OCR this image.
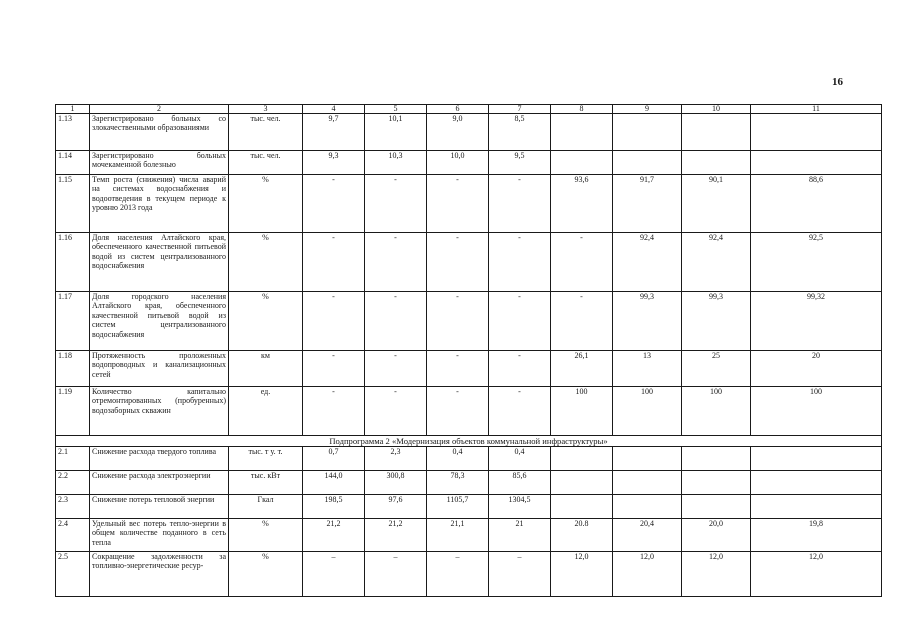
16
1	2	3	4	5	6	7	8	9	10	11
1.13	Зарегистрировано больных со злокачественными образованиями	тыс. чел.	9,7	10,1	9,0	8,5				
1.14	Зарегистрировано больных мочекаменной болезнью	тыс. чел.	9,3	10,3	10,0	9,5				
1.15	Темп роста (снижения) числа аварий на системах водоснабжения и водоотведения в текущем периоде к уровню 2013 года	%	-	-	-	-	93,6	91,7	90,1	88,6
1.16	Доля населения Алтайского края, обеспеченного качественной питьевой водой из систем централизованного водоснабжения	%	-	-	-	-	-	92,4	92,4	92,5
1.17	Доля городского населения Алтайского края, обеспеченного качественной питьевой водой из систем централизованного водоснабжения	%	-	-	-	-	-	99,3	99,3	99,32
1.18	Протяженность проложенных водопроводных и канализационных сетей	км	-	-	-	-	26,1	13	25	20
1.19	Количество капитально отремонтированных (пробуренных) водозаборных скважин	ед.	-	-	-	-	100	100	100	100
Подпрограмма 2 «Модернизация объектов коммунальной инфраструктуры»										
2.1	Снижение расхода твердого топлива	тыс. т у. т.	0,7	2,3	0,4	0,4				
2.2	Снижение расхода электроэнергии	тыс. кВт	144,0	300,8	78,3	85,6				
2.3	Снижение потерь тепловой энергии	Гкал	198,5	97,6	1105,7	1304,5				
2.4	Удельный вес потерь тепло-энергии в общем количестве поданного в сеть тепла	%	21,2	21,2	21,1	21	20.8	20,4	20,0	19,8
2.5	Сокращение задолженности за топливно-энергетические ресур-	%	–	–	–	–	12,0	12,0	12,0	12,0
